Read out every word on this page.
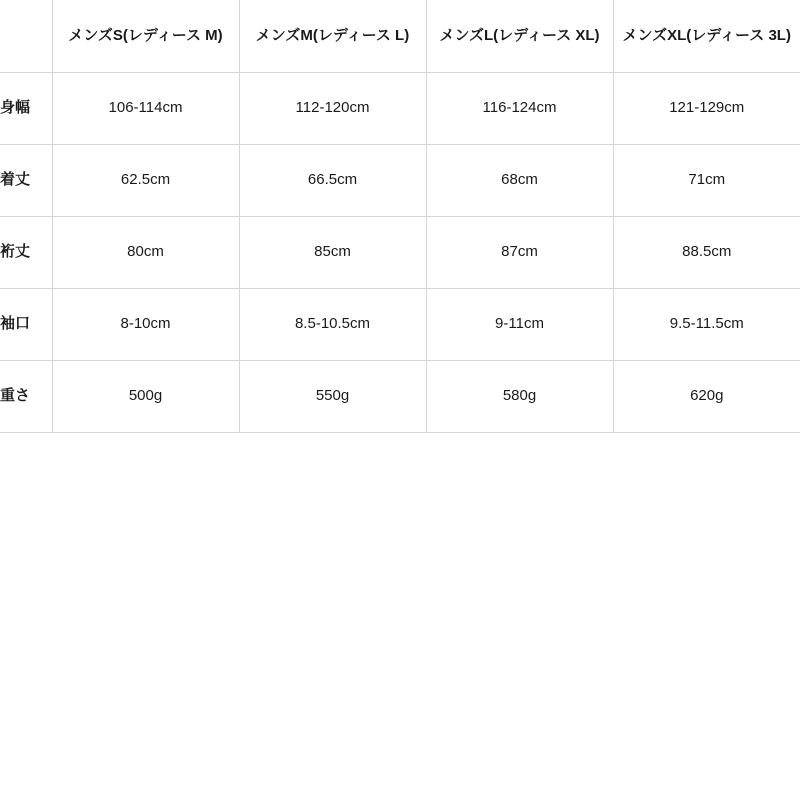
	メンズS(レディース M)	メンズM(レディース L)	メンズL(レディース XL)	メンズXL(レディース 3L)
身幅	106-114cm	112-120cm	116-124cm	121-129cm
着丈	62.5cm	66.5cm	68cm	71cm
裄丈	80cm	85cm	87cm	88.5cm
袖口	8-10cm	8.5-10.5cm	9-11cm	9.5-11.5cm
重さ	500g	550g	580g	620g
